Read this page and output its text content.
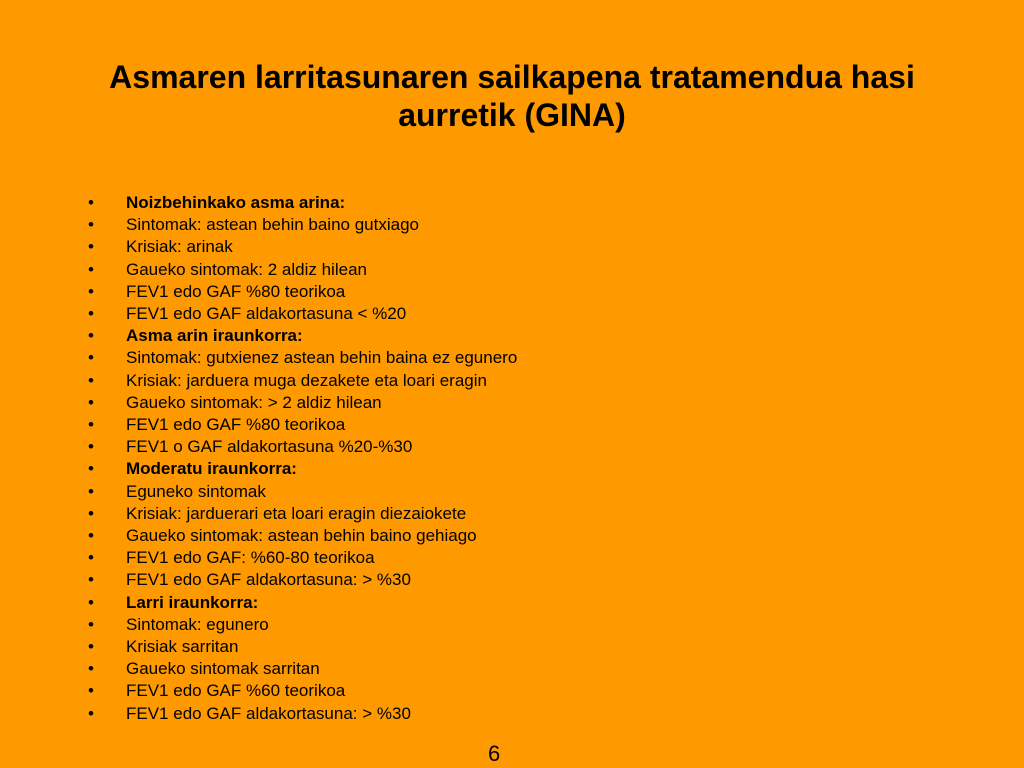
Asmaren larritasunaren sailkapena tratamendua hasi aurretik (GINA)
•	Noizbehinkako asma arina:
•	Sintomak: astean behin baino gutxiago
•	Krisiak: arinak
•	Gaueko sintomak: 2 aldiz hilean
•	FEV1 edo GAF %80 teorikoa
•	FEV1 edo GAF aldakortasuna < %20
•	Asma arin iraunkorra:
•	Sintomak: gutxienez astean behin baina ez egunero
•	Krisiak: jarduera muga dezakete eta loari eragin
•	Gaueko sintomak: > 2 aldiz hilean
•	FEV1 edo GAF %80 teorikoa
•	FEV1 o GAF aldakortasuna %20-%30
•	Moderatu iraunkorra:
•	Eguneko sintomak
•	Krisiak: jarduerari eta loari eragin diezaiokete
•	Gaueko sintomak: astean behin baino gehiago
•	FEV1 edo GAF: %60-80 teorikoa
•	FEV1 edo GAF aldakortasuna: > %30
•	Larri iraunkorra:
•	Sintomak: egunero
•	Krisiak sarritan
•	Gaueko sintomak sarritan
•	FEV1 edo GAF %60 teorikoa
•	FEV1 edo GAF aldakortasuna: > %30
6
